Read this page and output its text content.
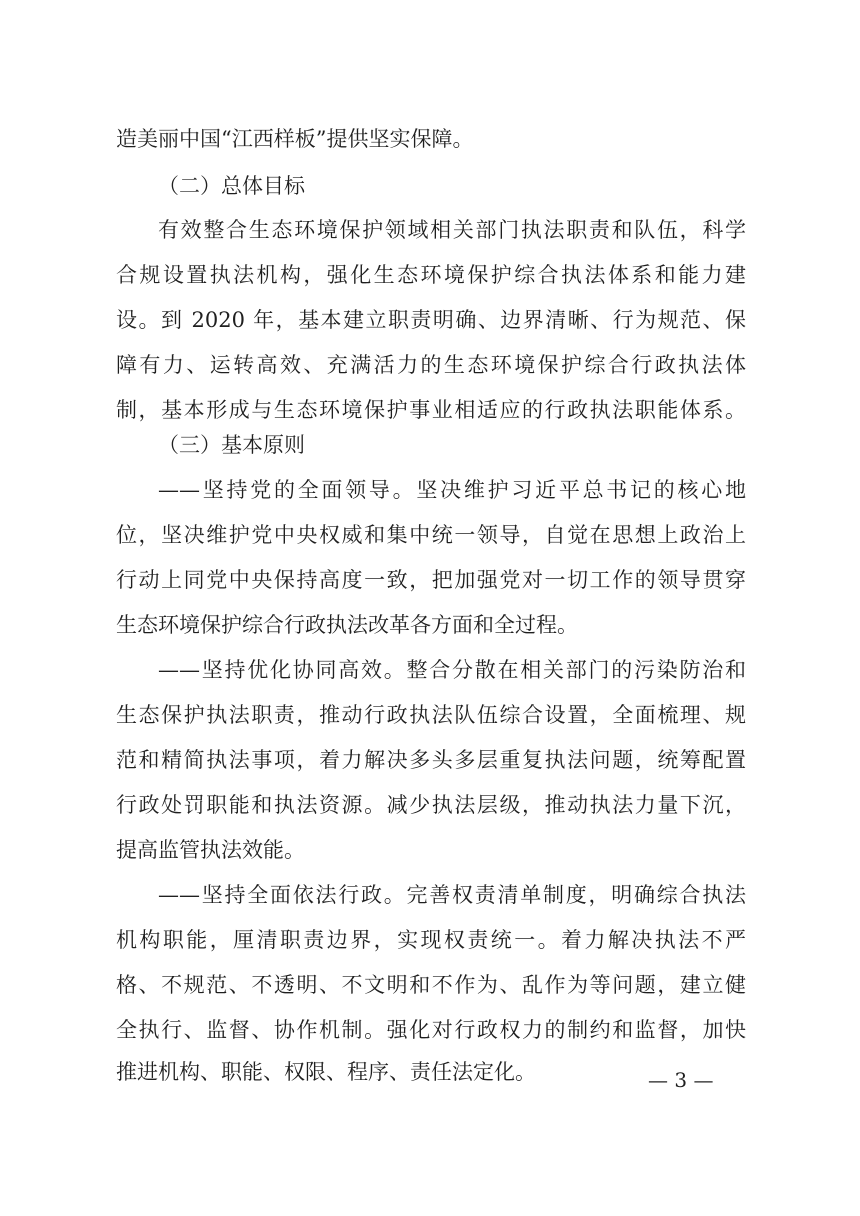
造美丽中国“江西样板”提供坚实保障。
（二）总体目标
有效整合生态环境保护领域相关部门执法职责和队伍，科学
合规设置执法机构，强化生态环境保护综合执法体系和能力建
设。到 2020 年，基本建立职责明确、边界清晰、行为规范、保
障有力、运转高效、充满活力的生态环境保护综合行政执法体
制，基本形成与生态环境保护事业相适应的行政执法职能体系。
（三）基本原则
——坚持党的全面领导。坚决维护习近平总书记的核心地
位，坚决维护党中央权威和集中统一领导，自觉在思想上政治上
行动上同党中央保持高度一致，把加强党对一切工作的领导贯穿
生态环境保护综合行政执法改革各方面和全过程。
——坚持优化协同高效。整合分散在相关部门的污染防治和
生态保护执法职责，推动行政执法队伍综合设置，全面梳理、规
范和精简执法事项，着力解决多头多层重复执法问题，统筹配置
行政处罚职能和执法资源。减少执法层级，推动执法力量下沉，
提高监管执法效能。
——坚持全面依法行政。完善权责清单制度，明确综合执法
机构职能，厘清职责边界，实现权责统一。着力解决执法不严
格、不规范、不透明、不文明和不作为、乱作为等问题，建立健
全执行、监督、协作机制。强化对行政权力的制约和监督，加快
推进机构、职能、权限、程序、责任法定化。	— 3 —
